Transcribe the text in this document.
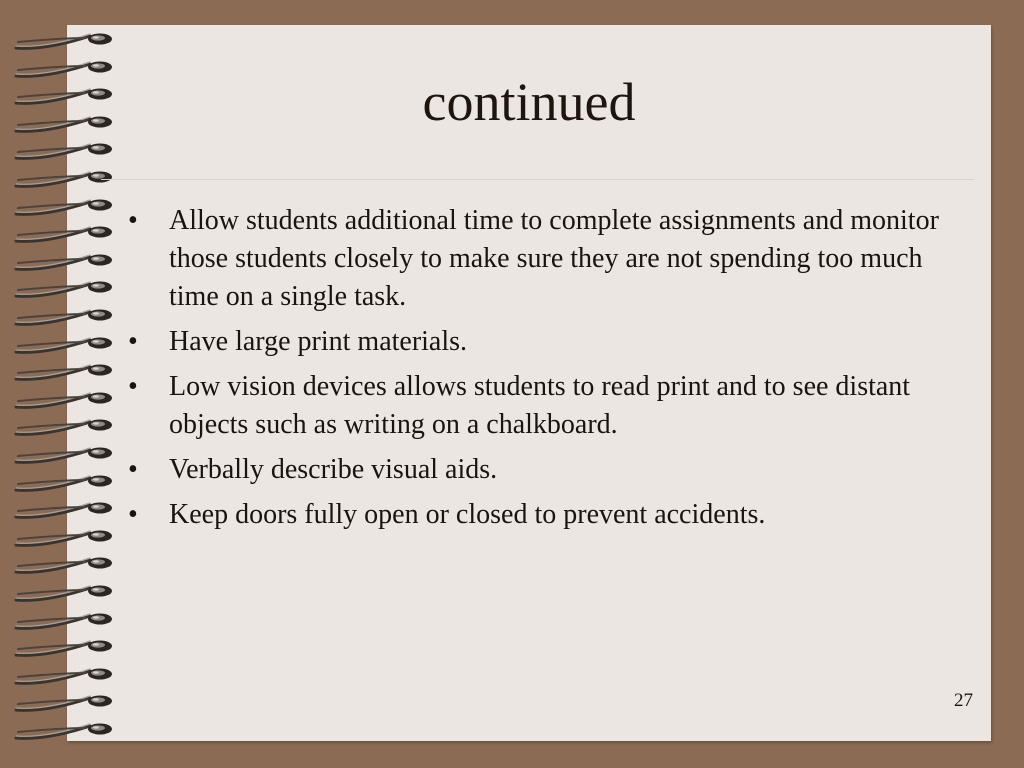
continued
• Allow students additional time to complete assignments and monitor those students closely to make sure they are not spending too much time on a single task.
• Have large print materials.
• Low vision devices allows students to read print and to see distant objects such as writing on a chalkboard.
• Verbally describe visual aids.
• Keep doors fully open or closed to prevent accidents.
27
